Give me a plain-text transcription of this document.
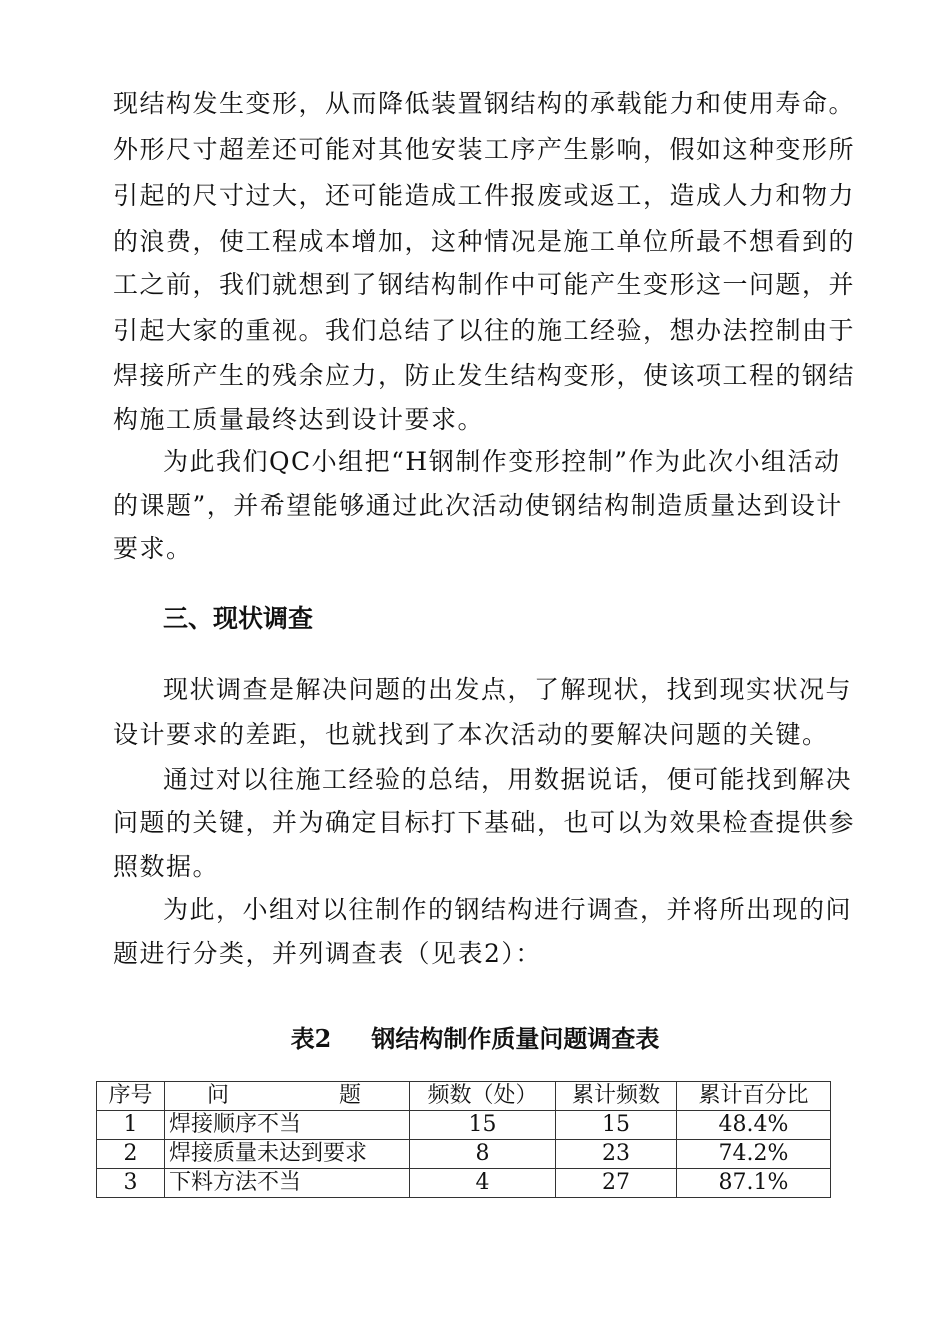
现结构发生变形，从而降低装置钢结构的承载能力和使用寿命。
外形尺寸超差还可能对其他安装工序产生影响，假如这种变形所
引起的尺寸过大，还可能造成工件报废或返工，造成人力和物力
的浪费，使工程成本增加，这种情况是施工单位所最不想看到的
工之前，我们就想到了钢结构制作中可能产生变形这一问题，并
引起大家的重视。我们总结了以往的施工经验，想办法控制由于
焊接所产生的残余应力，防止发生结构变形，使该项工程的钢结
构施工质量最终达到设计要求。
为此我们QC小组把“H钢制作变形控制”作为此次小组活动
的课题”，并希望能够通过此次活动使钢结构制造质量达到设计
要求。
三、现状调查
现状调查是解决问题的出发点，了解现状，找到现实状况与
设计要求的差距，也就找到了本次活动的要解决问题的关键。
通过对以往施工经验的总结，用数据说话，便可能找到解决
问题的关键，并为确定目标打下基础，也可以为效果检查提供参
照数据。
为此，小组对以往制作的钢结构进行调查，并将所出现的问
题进行分类，并列调查表（见表2）：
表2 钢结构制作质量问题调查表
序号	问 题	频数（处）	累计频数	累计百分比
1	焊接顺序不当	15	15	48.4%
2	焊接质量未达到要求	8	23	74.2%
3	下料方法不当	4	27	87.1%
